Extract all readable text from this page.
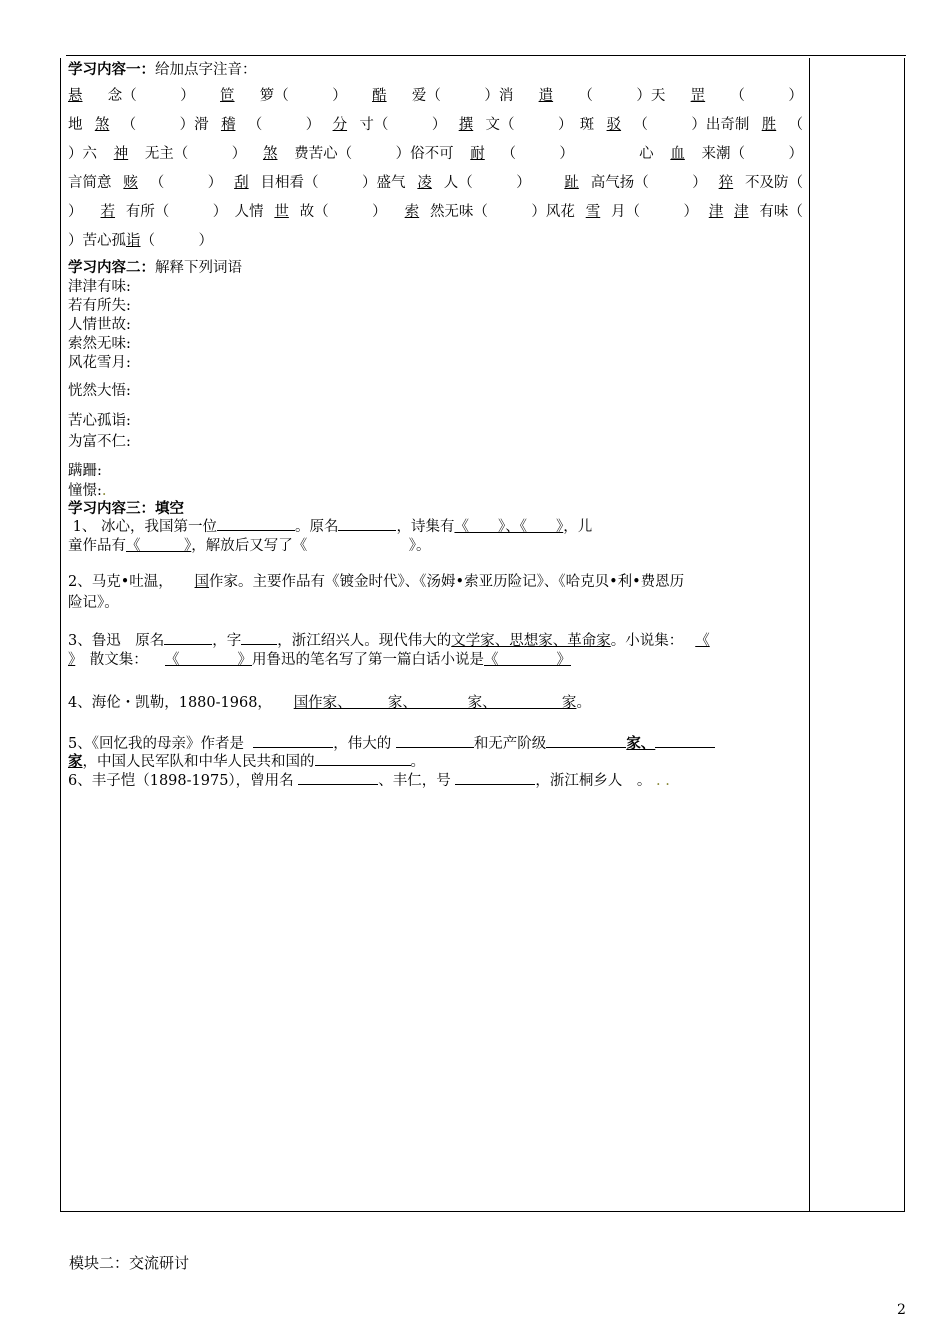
学习内容一：给加点字注音：
悬 念（　　　） 笸 箩（　　　） 酷 爱（　　　）消 遣 （　　　）天 罡 （　　　）
地 煞 （　　　）滑 稽 （　　　） 分 寸（　　　） 撰 文（　　　）　斑 驳 （　　　）出奇制 胜 （
）六 神 无主（　　　） 煞 费苦心（　　　）俗不可 耐 （　　　）　　　　　心 血 来潮（　　　）
言简意 赅 （　　　） 刮 目相看（　　　）盛气 凌 人（　　　）　　 趾 高气扬（　　　） 猝 不及防（
）　 若 有所（　　　）　人情 世 故（　　　）　 索 然无味（　　　）风花 雪 月（　　　） 津 津 有味（
）苦心孤 诣 （　　　）
学习内容二：解释下列词语
津津有味:
若有所失:
人情世故:
索然无味:
风花雪月:
恍然大悟:
苦心孤诣:
为富不仁:
蹒跚:
憧憬:.
学习内容三：填空
1、 冰心，我国第一位	。原名	，诗集有《　　》、《　　》，儿
童作品有《　　　》，解放后又写了《　　　　　　　》。
2、马克•吐温，　　国作家。主要作品有《镀金时代》、《汤姆•索亚历险记》、《哈克贝•利•费恩历
险记》。
3、鲁迅　原名	，字 ，浙江绍兴人。现代伟大的文学家、思想家、革命家。小说集： 《
》　散文集：　《　　　　》用鲁迅的笔名写了第一篇白话小说是《　　　　》
4、海伦・凯勒，1880-1968，　　国作家、　　　家、　　　　家、　　　　　家。
5、《回忆我的母亲》作者是	，伟大的	和无产阶级	家、
家，中国人民军队和中华人民共和国的	。
6、丰子恺（1898-1975），曾用名	、丰仁，号	，浙江桐乡人　。 . .
模块二：交流研讨
2
